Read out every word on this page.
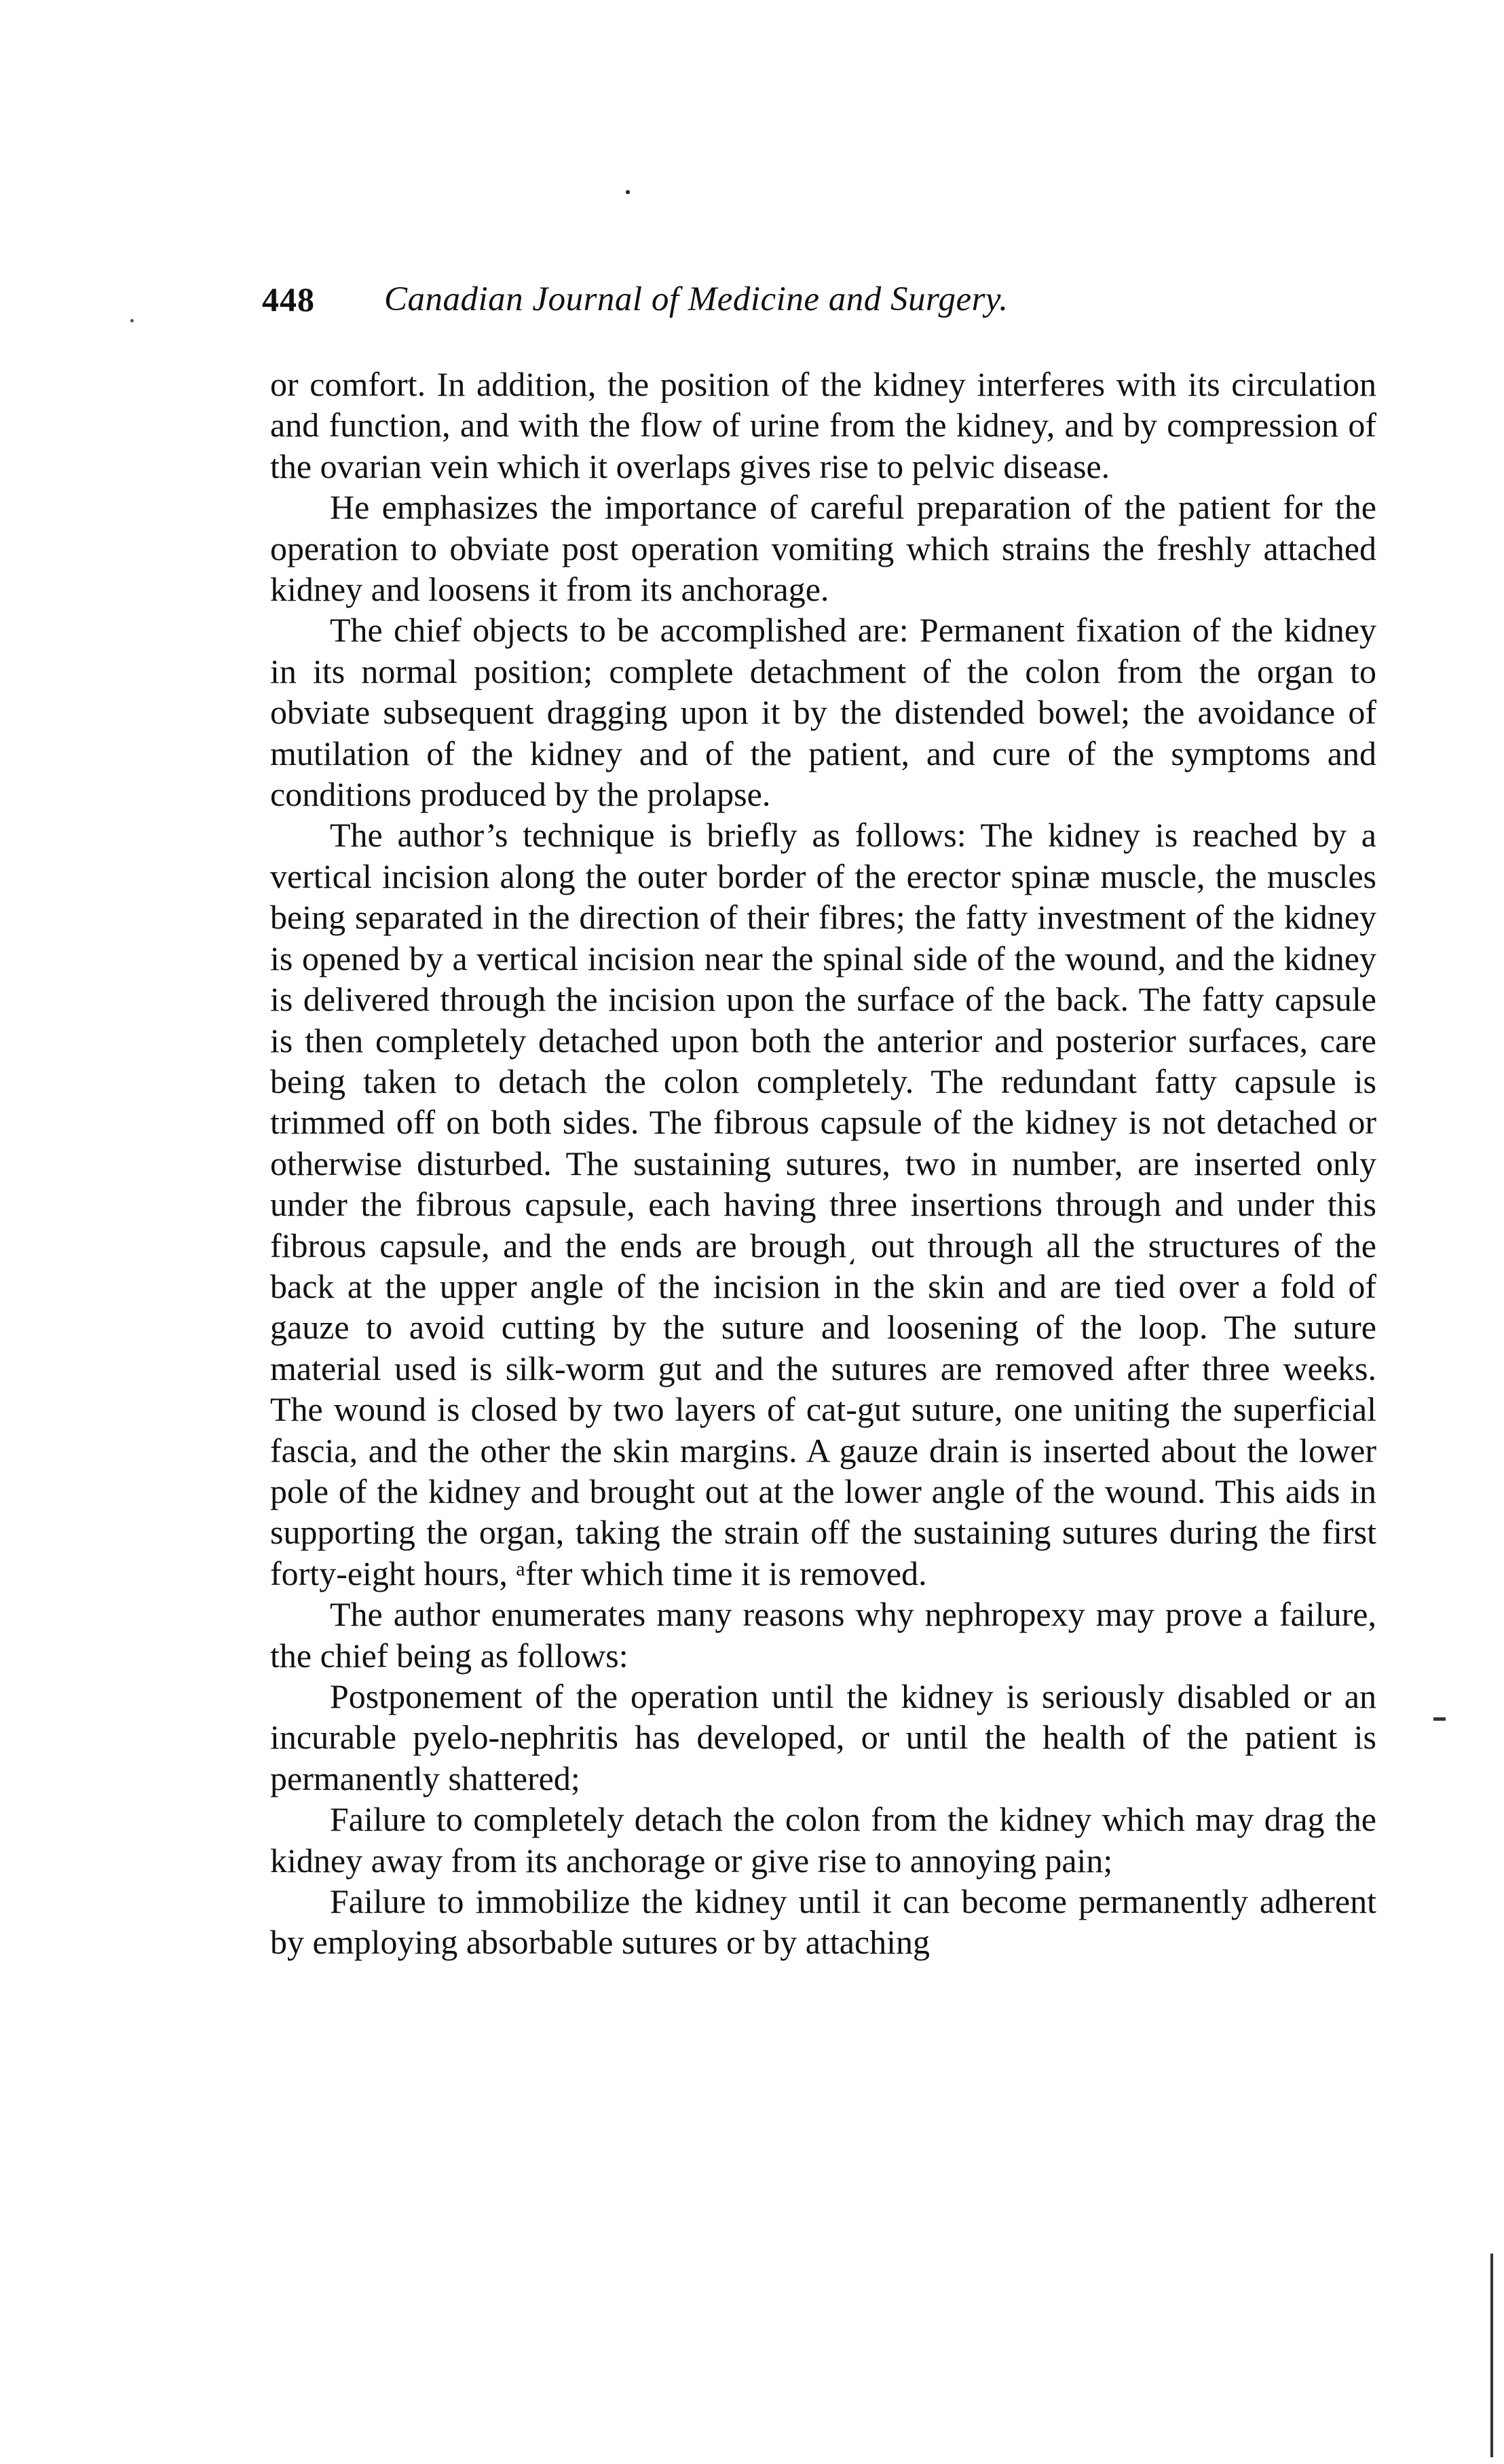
448 Canadian Journal of Medicine and Surgery.

or comfort. In addition, the position of the kidney interferes with its circulation and function, and with the flow of urine from the kidney, and by compression of the ovarian vein which it overlaps gives rise to pelvic disease.

He emphasizes the importance of careful preparation of the patient for the operation to obviate post operation vomiting which strains the freshly attached kidney and loosens it from its anchorage.

The chief objects to be accomplished are: Permanent fixation of the kidney in its normal position; complete detachment of the colon from the organ to obviate subsequent dragging upon it by the distended bowel; the avoidance of mutilation of the kidney and of the patient, and cure of the symptoms and conditions produced by the prolapse.

The author’s technique is briefly as follows: The kidney is reached by a vertical incision along the outer border of the erector spinæ muscle, the muscles being separated in the direction of their fibres; the fatty investment of the kidney is opened by a vertical incision near the spinal side of the wound, and the kidney is delivered through the incision upon the surface of the back. The fatty capsule is then completely detached upon both the anterior and posterior surfaces, care being taken to detach the colon completely. The redundant fatty capsule is trimmed off on both sides. The fibrous capsule of the kidney is not detached or otherwise disturbed. The sustaining sutures, two in number, are inserted only under the fibrous capsule, each having three insertions through and under this fibrous capsule, and the ends are brough͵ out through all the structures of the back at the upper angle of the incision in the skin and are tied over a fold of gauze to avoid cutting by the suture and loosening of the loop. The suture material used is silk-worm gut and the sutures are removed after three weeks. The wound is closed by two layers of cat-gut suture, one uniting the superficial fascia, and the other the skin margins. A gauze drain is inserted about the lower pole of the kidney and brought out at the lower angle of the wound. This aids in supporting the organ, taking the strain off the sustaining sutures during the first forty-eight hours, ᵃfter which time it is removed.

The author enumerates many reasons why nephropexy may prove a failure, the chief being as follows:

Postponement of the operation until the kidney is seriously disabled or an incurable pyelo-nephritis has developed, or until the health of the patient is permanently shattered;

Failure to completely detach the colon from the kidney which may drag the kidney away from its anchorage or give rise to annoying pain;

Failure to immobilize the kidney until it can become permanently adherent by employing absorbable sutures or by attaching
